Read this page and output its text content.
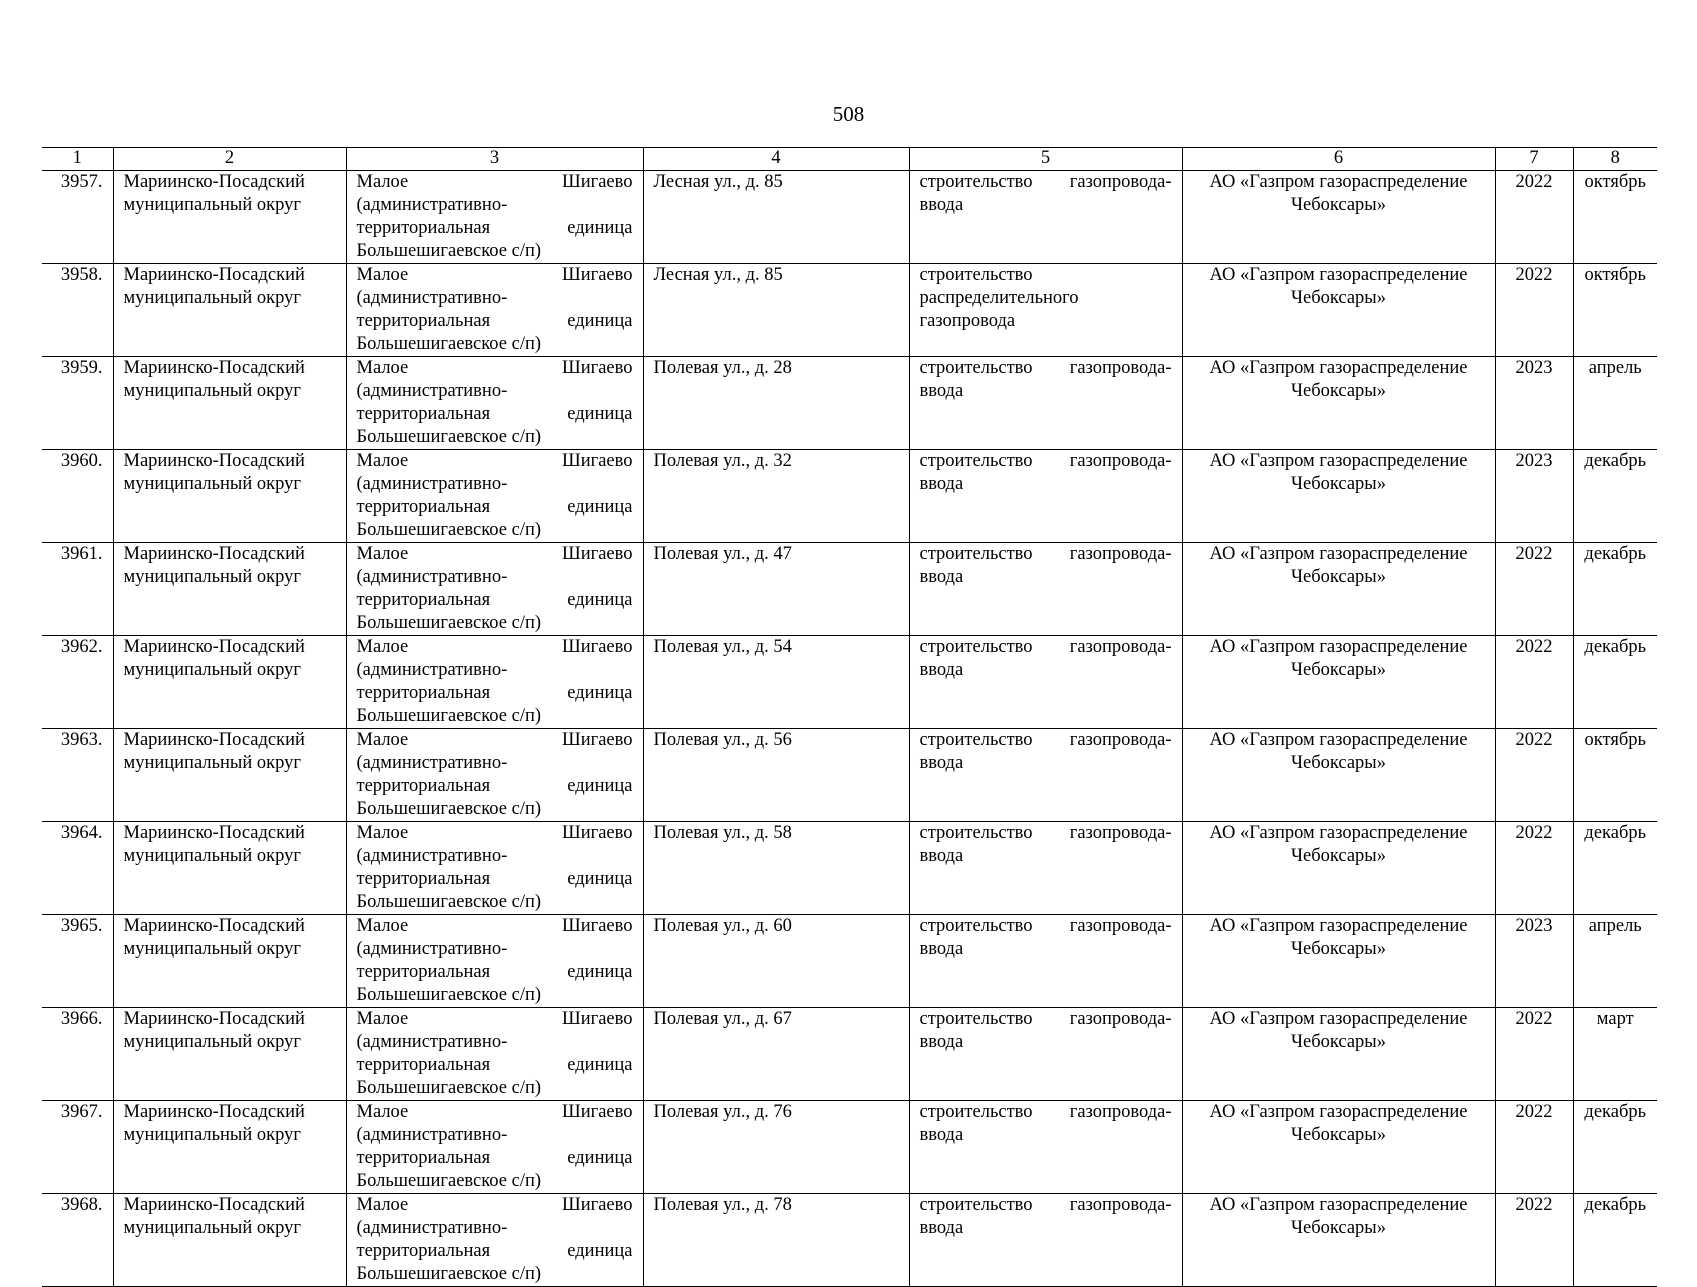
508
1	2	3	4	5	6	7	8
3957.	Мариинско-Посадский муниципальный округ	Малое Шигаево (административно-территориальная единица Большешигаевское с/п)	Лесная ул., д. 85	строительство газопровода-ввода	АО «Газпром газораспределение Чебоксары»	2022	октябрь
3958.	Мариинско-Посадский муниципальный округ	Малое Шигаево (административно-территориальная единица Большешигаевское с/п)	Лесная ул., д. 85	строительство распределительного газопровода	АО «Газпром газораспределение Чебоксары»	2022	октябрь
3959.	Мариинско-Посадский муниципальный округ	Малое Шигаево (административно-территориальная единица Большешигаевское с/п)	Полевая ул., д. 28	строительство газопровода-ввода	АО «Газпром газораспределение Чебоксары»	2023	апрель
3960.	Мариинско-Посадский муниципальный округ	Малое Шигаево (административно-территориальная единица Большешигаевское с/п)	Полевая ул., д. 32	строительство газопровода-ввода	АО «Газпром газораспределение Чебоксары»	2023	декабрь
3961.	Мариинско-Посадский муниципальный округ	Малое Шигаево (административно-территориальная единица Большешигаевское с/п)	Полевая ул., д. 47	строительство газопровода-ввода	АО «Газпром газораспределение Чебоксары»	2022	декабрь
3962.	Мариинско-Посадский муниципальный округ	Малое Шигаево (административно-территориальная единица Большешигаевское с/п)	Полевая ул., д. 54	строительство газопровода-ввода	АО «Газпром газораспределение Чебоксары»	2022	декабрь
3963.	Мариинско-Посадский муниципальный округ	Малое Шигаево (административно-территориальная единица Большешигаевское с/п)	Полевая ул., д. 56	строительство газопровода-ввода	АО «Газпром газораспределение Чебоксары»	2022	октябрь
3964.	Мариинско-Посадский муниципальный округ	Малое Шигаево (административно-территориальная единица Большешигаевское с/п)	Полевая ул., д. 58	строительство газопровода-ввода	АО «Газпром газораспределение Чебоксары»	2022	декабрь
3965.	Мариинско-Посадский муниципальный округ	Малое Шигаево (административно-территориальная единица Большешигаевское с/п)	Полевая ул., д. 60	строительство газопровода-ввода	АО «Газпром газораспределение Чебоксары»	2023	апрель
3966.	Мариинско-Посадский муниципальный округ	Малое Шигаево (административно-территориальная единица Большешигаевское с/п)	Полевая ул., д. 67	строительство газопровода-ввода	АО «Газпром газораспределение Чебоксары»	2022	март
3967.	Мариинско-Посадский муниципальный округ	Малое Шигаево (административно-территориальная единица Большешигаевское с/п)	Полевая ул., д. 76	строительство газопровода-ввода	АО «Газпром газораспределение Чебоксары»	2022	декабрь
3968.	Мариинско-Посадский муниципальный округ	Малое Шигаево (административно-территориальная единица Большешигаевское с/п)	Полевая ул., д. 78	строительство газопровода-ввода	АО «Газпром газораспределение Чебоксары»	2022	декабрь
